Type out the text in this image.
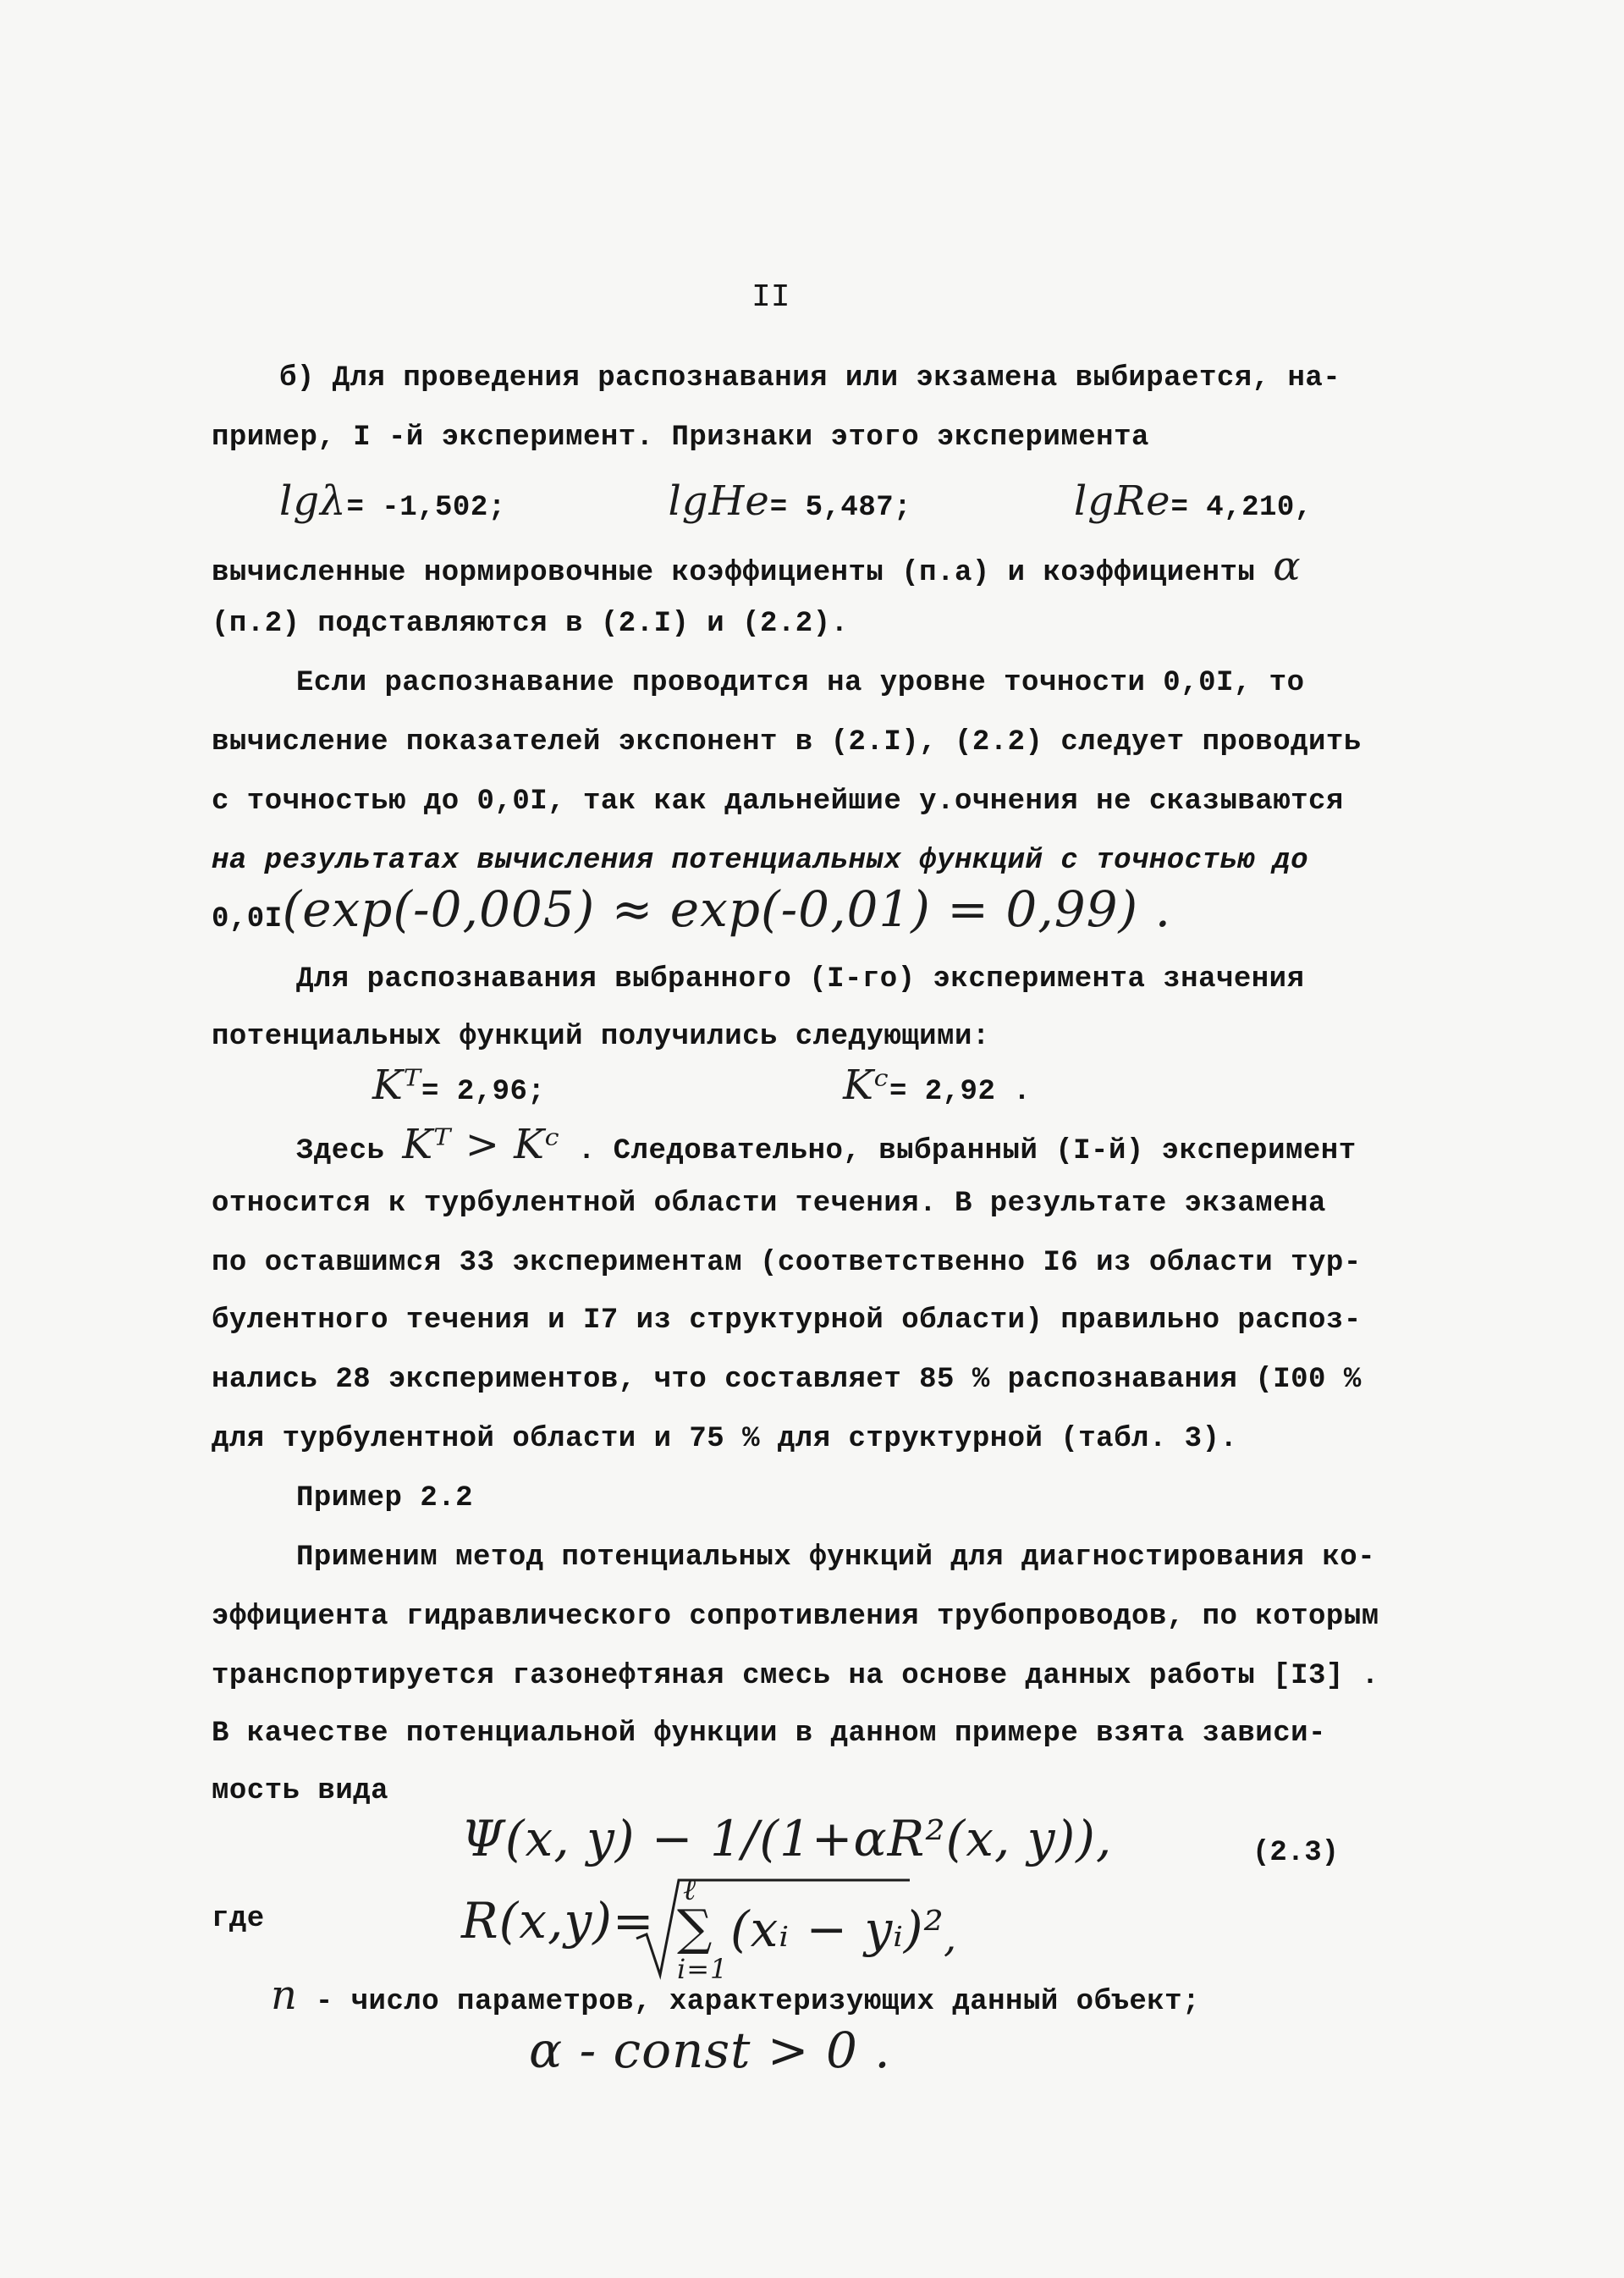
II
б) Для проведения распознавания или экзамена выбирается, на-
пример, I -й эксперимент. Признаки этого эксперимента
lgλ= -1,502;	lgHe= 5,487;	lgRe= 4,210,
вычисленные нормировочные коэффициенты (п.а) и коэффициенты α
(п.2) подставляются в (2.I) и (2.2).
Если распознавание проводится на уровне точности 0,0I, то
вычисление показателей экспонент в (2.I), (2.2) следует проводить
с точностью до 0,0I, так как дальнейшие у.очнения не сказываются
на результатах вычисления потенциальных функций с точностью до
0,0I(exp(-0,005) ≈ exp(-0,01) = 0,99) .
Для распознавания выбранного (I-го) эксперимента значения
потенциальных функций получились следующими:
Kᵀ= 2,96;	Kᶜ= 2,92 .
Здесь Kᵀ > Kᶜ . Следовательно, выбранный (I-й) эксперимент
относится к турбулентной области течения. В результате экзамена
по оставшимся 33 экспериментам (соответственно I6 из области тур-
булентного течения и I7 из структурной области) правильно распоз-
нались 28 экспериментов, что составляет 85 % распознавания (I00 %
для турбулентной области и 75 % для структурной (табл. 3).
Пример 2.2
Применим метод потенциальных функций для диагностирования ко-
эффициента гидравлического сопротивления трубопроводов, по которым
транспортируется газонефтяная смесь на основе данных работы [I3] .
В качестве потенциальной функции в данном примере взята зависи-
мость вида
Ψ(x, y) − 1/(1+αR²(x, y)),	(2.3)
где	R(x,y)=
ℓ
∑
i=1
(xᵢ − yᵢ)² ,
n - число параметров, характеризующих данный объект;
α - const > 0 .
